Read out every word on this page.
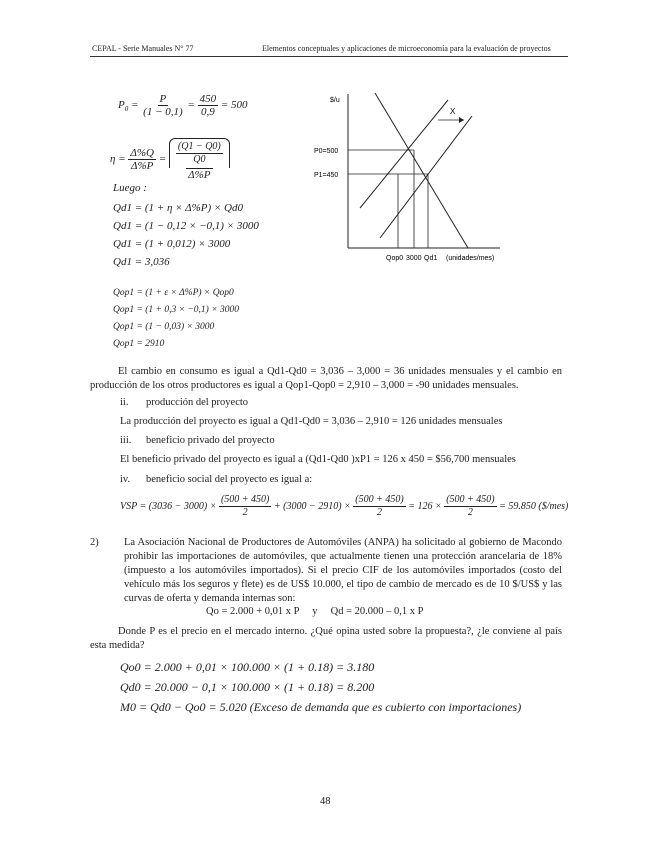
CEPAL - Serie Manuales N° 77	Elementos conceptuales y aplicaciones de microeconomía para la evaluación de proyectos
$P_0 = \frac{P}{(1 - 0,1)} = \frac{450}{0,9} = 500$
$\eta = \frac{\Delta\%Q}{\Delta\%P} = \frac{\frac{(Q1 - Q0)}{Q0}}{\Delta\%P}$
Luego :
Qd1 = (1 + η × Δ%P) × Qd0
Qd1 = (1 − 0,12 × −0,1) × 3000
Qd1 = (1 + 0,012) × 3000
Qd1 = 3,036
Qop1 = (1 + ε × Δ%P) × Qop0
Qop1 = (1 + 0,3 × −0,1) × 3000
Qop1 = (1 − 0,03) × 3000
Qop1 = 2910
X
$/u
P0=500
P1=450
Qop0 3000 Qd1 (unidades/mes)
El cambio en consumo es igual a Qd1-Qd0 = 3,036 – 3,000 = 36 unidades mensuales y el cambio en producción de los otros productores es igual a Qop1-Qop0 = 2,910 – 3,000 = -90 unidades mensuales.
ii. producción del proyecto
La producción del proyecto es igual a Qd1-Qd0 = 3,036 – 2,910 = 126 unidades mensuales
iii. beneficio privado del proyecto
El beneficio privado del proyecto es igual a (Qd1-Qd0 )xP1 = 126 x 450 = $56,700 mensuales
iv. beneficio social del proyecto es igual a:
VSP = $(3036 - 3000) \times \frac{(500 + 450)}{2} + (3000 - 2910) \times \frac{(500 + 450)}{2} = 126 \times \frac{(500 + 450)}{2} = 59.850$ ($/mes)
2) La Asociación Nacional de Productores de Automóviles (ANPA) ha solicitado al gobierno de Macondo prohibir las importaciones de automóviles, que actualmente tienen una protección arancelaria de 18% (impuesto a los automóviles importados). Si el precio CIF de los automóviles importados (costo del vehículo más los seguros y flete) es de US$ 10.000, el tipo de cambio de mercado es de 10 $/US$ y las curvas de oferta y demanda internas son:
Qo = 2.000 + 0,01 x P     y     Qd = 20.000 – 0,1 x P
Donde P es el precio en el mercado interno. ¿Qué opina usted sobre la propuesta?, ¿le conviene al país esta medida?
Qo0 = 2.000 + 0,01 × 100.000 × (1 + 0.18) = 3.180
Qd0 = 20.000 − 0,1 × 100.000 × (1 + 0.18) = 8.200
M0 = Qd0 − Qo0 = 5.020 (Exceso de demanda que es cubierto con importaciones)
48
